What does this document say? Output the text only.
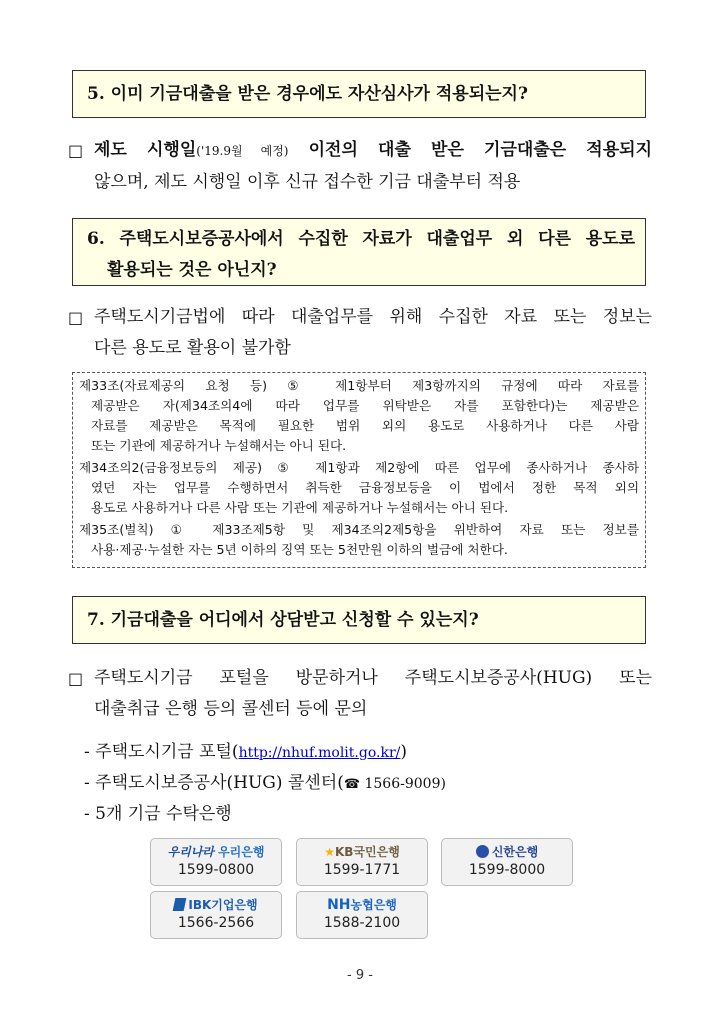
5. 이미 기금대출을 받은 경우에도 자산심사가 적용되는지?
□ 제도 시행일('19.9월 예정) 이전의 대출 받은 기금대출은 적용되지
않으며, 제도 시행일 이후 신규 접수한 기금 대출부터 적용
6. 주택도시보증공사에서 수집한 자료가 대출업무 외 다른 용도로
활용되는 것은 아닌지?
□ 주택도시기금법에 따라 대출업무를 위해 수집한 자료 또는 정보는
다른 용도로 활용이 불가함
제33조(자료제공의 요청 등) ⑤ 제1항부터 제3항까지의 규정에 따라 자료를
제공받은 자(제34조의4에 따라 업무를 위탁받은 자를 포함한다)는 제공받은
자료를 제공받은 목적에 필요한 범위 외의 용도로 사용하거나 다른 사람
또는 기관에 제공하거나 누설해서는 아니 된다.
제34조의2(금융정보등의 제공) ⑤ 제1항과 제2항에 따른 업무에 종사하거나 종사하
였던 자는 업무를 수행하면서 취득한 금융정보등을 이 법에서 정한 목적 외의
용도로 사용하거나 다른 사람 또는 기관에 제공하거나 누설해서는 아니 된다.
제35조(벌칙) ① 제33조제5항 및 제34조의2제5항을 위반하여 자료 또는 정보를
사용·제공·누설한 자는 5년 이하의 징역 또는 5천만원 이하의 벌금에 처한다.
7. 기금대출을 어디에서 상담받고 신청할 수 있는지?
□ 주택도시기금 포털을 방문하거나 주택도시보증공사(HUG) 또는
대출취급 은행 등의 콜센터 등에 문의
- 주택도시기금 포털(http://nhuf.molit.go.kr/)
- 주택도시보증공사(HUG) 콜센터(☎ 1566-9009)
- 5개 기금 수탁은행
우리나라 우리은행
1599-0800
★KB국민은행
1599-1771
신한은행
1599-8000
IBK기업은행
1566-2566
NH농협은행
1588-2100
- 9 -
